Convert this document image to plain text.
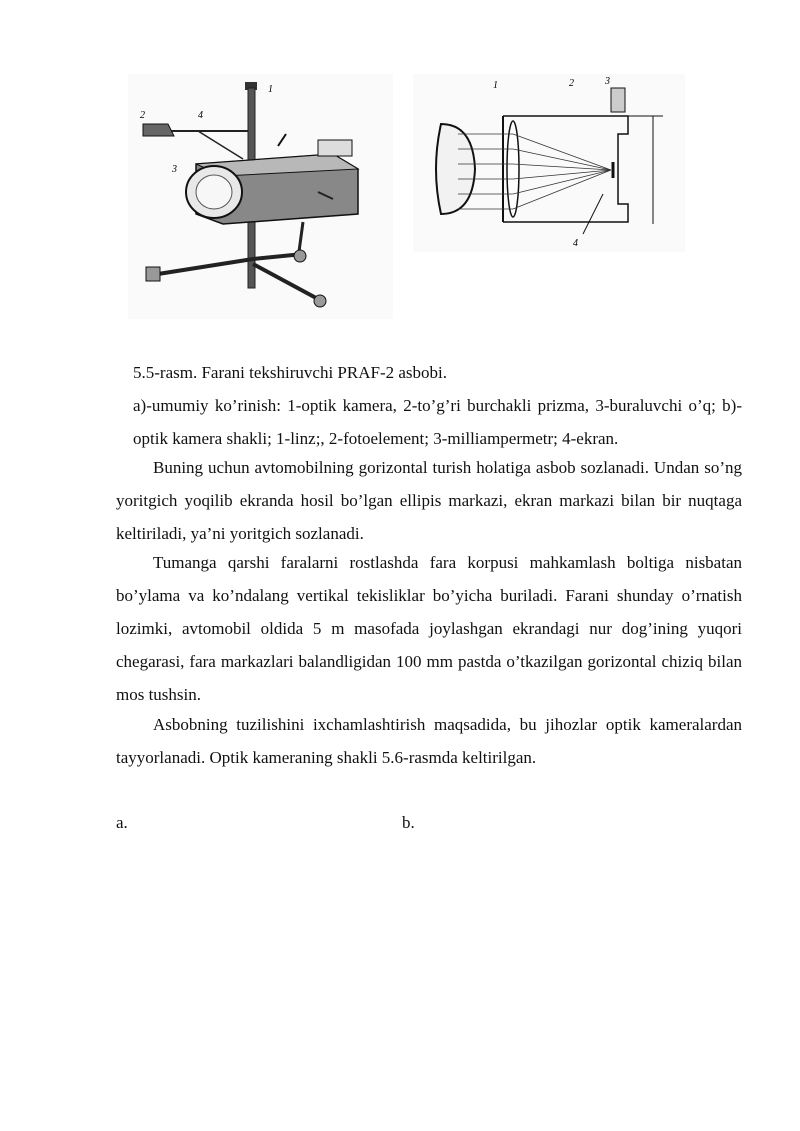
2	4
3
1	1	2	3
4
5.5-rasm. Farani tekshiruvchi PRAF-2 asbobi.
a)-umumiy ko’rinish: 1-optik kamera, 2-to’g’ri burchakli prizma, 3-buraluvchi o’q; b)-optik kamera shakli; 1-linz;, 2-fotoelement; 3-milliampermetr; 4-ekran.
Buning uchun avtomobilning gorizontal turish holatiga asbob sozlanadi. Undan so’ng yoritgich yoqilib ekranda hosil bo’lgan ellipis markazi, ekran markazi bilan bir nuqtaga keltiriladi, ya’ni yoritgich sozlanadi.
Tumanga qarshi faralarni rostlashda fara korpusi mahkamlash boltiga nisbatan bo’ylama va ko’ndalang vertikal tekisliklar bo’yicha buriladi. Farani shunday o’rnatish lozimki, avtomobil oldida 5 m masofada joylashgan ekrandagi nur dog’ining yuqori chegarasi, fara markazlari balandligidan 100 mm pastda o’tkazilgan gorizontal chiziq bilan mos tushsin.
Asbobning tuzilishini ixchamlashtirish maqsadida, bu jihozlar optik kameralardan tayyorlanadi. Optik kameraning shakli 5.6-rasmda keltirilgan.
a.	b.
